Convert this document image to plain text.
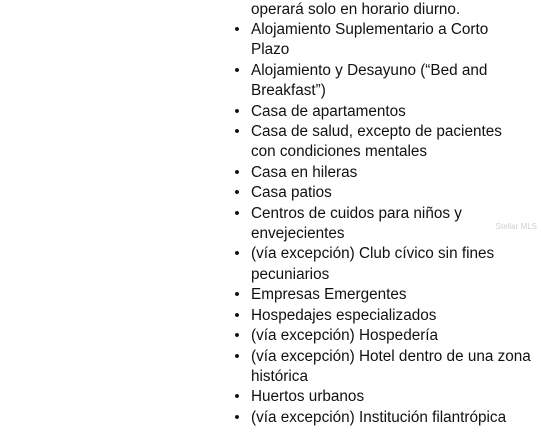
operará solo en horario diurno.
• Alojamiento Suplementario a Corto
Plazo
• Alojamiento y Desayuno (“Bed and
Breakfast”)
• Casa de apartamentos
• Casa de salud, excepto de pacientes
con condiciones mentales
• Casa en hileras
• Casa patios
• Centros de cuidos para niños y
envejecientes
• (vía excepción) Club cívico sin fines
pecuniarios
• Empresas Emergentes
• Hospedajes especializados
• (vía excepción) Hospedería
• (vía excepción) Hotel dentro de una zona
histórica
• Huertos urbanos
• (vía excepción) Institución filantrópica
Stellar MLS
